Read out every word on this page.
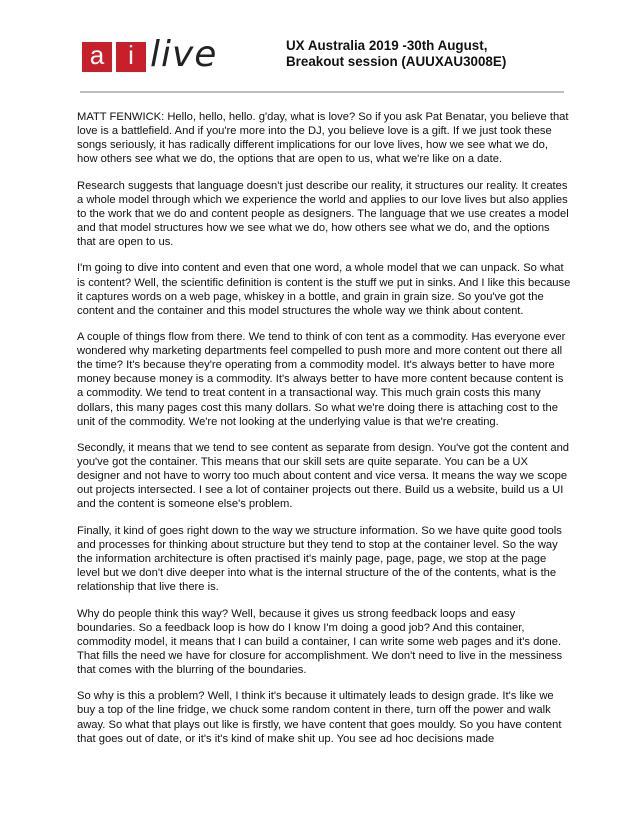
a i live	UX Australia 2019 -30th August,
Breakout session (AUUXAU3008E)

MATT FENWICK: Hello, hello, hello. g'day, what is love? So if you ask Pat Benatar, you believe that love is a battlefield. And if you're more into the DJ, you believe love is a gift. If we just took these songs seriously, it has radically different implications for our love lives, how we see what we do, how others see what we do, the options that are open to us, what we're like on a date.

Research suggests that language doesn't just describe our reality, it structures our reality. It creates a whole model through which we experience the world and applies to our love lives but also applies to the work that we do and content people as designers. The language that we use creates a model and that model structures how we see what we do, how others see what we do, and the options that are open to us.

I'm going to dive into content and even that one word, a whole model that we can unpack. So what is content? Well, the scientific definition is content is the stuff we put in sinks. And I like this because it captures words on a web page, whiskey in a bottle, and grain in grain size. So you've got the content and the container and this model structures the whole way we think about content.

A couple of things flow from there. We tend to think of con tent as a commodity. Has everyone ever wondered why marketing departments feel compelled to push more and more content out there all the time? It's because they're operating from a commodity model. It's always better to have more money because money is a commodity. It's always better to have more content because content is a commodity. We tend to treat content in a transactional way. This much grain costs this many dollars, this many pages cost this many dollars. So what we're doing there is attaching cost to the unit of the commodity. We're not looking at the underlying value is that we're creating.

Secondly, it means that we tend to see content as separate from design. You've got the content and you've got the container. This means that our skill sets are quite separate. You can be a UX designer and not have to worry too much about content and vice versa. It means the way we scope out projects intersected. I see a lot of container projects out there. Build us a website, build us a UI and the content is someone else's problem.

Finally, it kind of goes right down to the way we structure information. So we have quite good tools and processes for thinking about structure but they tend to stop at the container level. So the way the information architecture is often practised it's mainly page, page, page, we stop at the page level but we don't dive deeper into what is the internal structure of the of the contents, what is the relationship that live there is.

Why do people think this way? Well, because it gives us strong feedback loops and easy boundaries. So a feedback loop is how do I know I'm doing a good job? And this container, commodity model, it means that I can build a container, I can write some web pages and it's done. That fills the need we have for closure for accomplishment. We don't need to live in the messiness that comes with the blurring of the boundaries.

So why is this a problem? Well, I think it's because it ultimately leads to design grade. It's like we buy a top of the line fridge, we chuck some random content in there, turn off the power and walk away. So what that plays out like is firstly, we have content that goes mouldy. So you have content that goes out of date, or it's it's kind of make shit up. You see ad hoc decisions made
